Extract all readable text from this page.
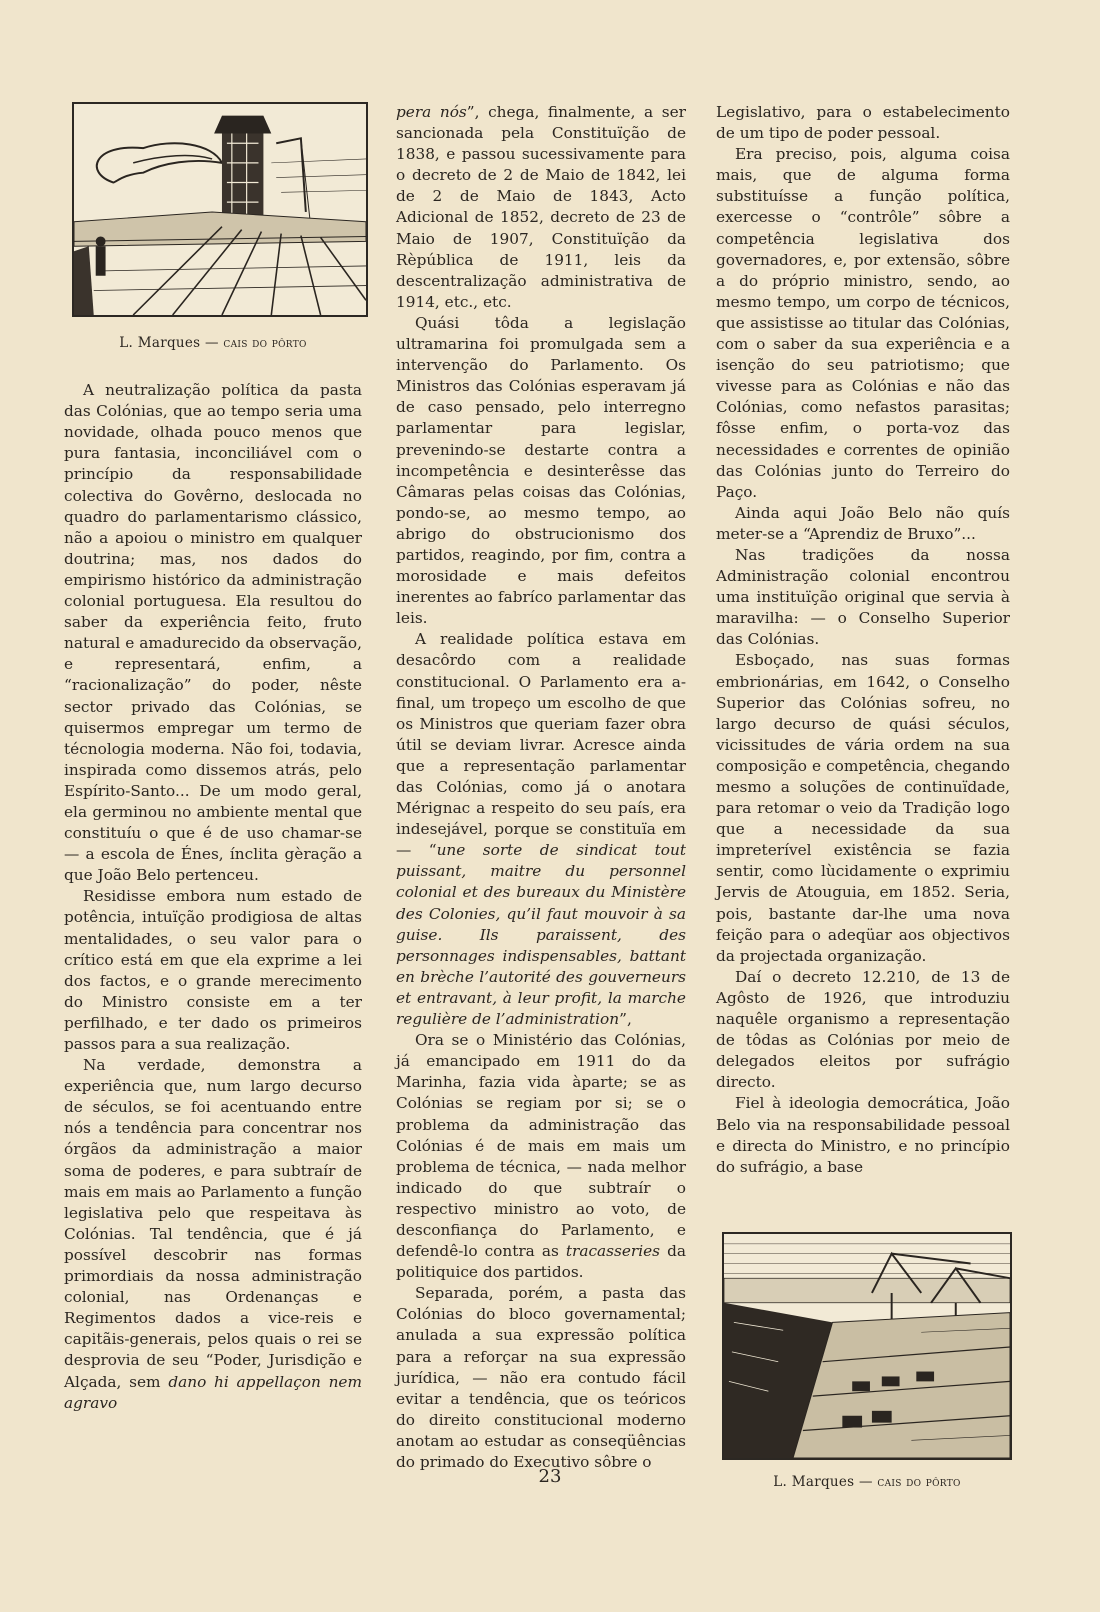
L. Marques — cais do pôrto

A neutralização política da pasta das Colónias, que ao tempo seria uma novidade, olhada pouco menos que pura fantasia, inconciliável com o princípio da responsabilidade colectiva do Govêrno, deslocada no quadro do parlamentarismo clássico, não a apoiou o ministro em qualquer doutrina; mas, nos dados do empirismo histórico da administração colonial portuguesa. Ela resultou do saber da experiência feito, fruto natural e amadurecido da observação, e representará, enfim, a “racionalização” do poder, nêste sector privado das Colónias, se quisermos empregar um termo de técnologia moderna. Não foi, todavia, inspirada como dissemos atrás, pelo Espírito-Santo... De um modo geral, ela germinou no ambiente mental que constituíu o que é de uso chamar-se — a escola de Énes, ínclita gèração a que João Belo pertenceu.

Residisse embora num estado de potência, intuïção prodigiosa de altas mentalidades, o seu valor para o crítico está em que ela exprime a lei dos factos, e o grande merecimento do Ministro consiste em a ter perfilhado, e ter dado os primeiros passos para a sua realização.

Na verdade, demonstra a experiência que, num largo decurso de séculos, se foi acentuando entre nós a tendência para concentrar nos órgãos da administração a maior soma de poderes, e para subtraír de mais em mais ao Parlamento a função legislativa pelo que respeitava às Colónias. Tal tendência, que é já possível descobrir nas formas primordiais da nossa administração colonial, nas Ordenanças e Regimentos dados a vice-reis e capitãis-generais, pelos quais o rei se desprovia de seu “Poder, Jurisdição e Alçada, sem dano hi appellaçon nem agravo

pera nós”, chega, finalmente, a ser sancionada pela Constituïção de 1838, e passou sucessivamente para o decreto de 2 de Maio de 1842, lei de 2 de Maio de 1843, Acto Adicional de 1852, decreto de 23 de Maio de 1907, Constituïção da Rèpública de 1911, leis da descentralização administrativa de 1914, etc., etc.

Quási tôda a legislação ultramarina foi promulgada sem a intervenção do Parlamento. Os Ministros das Colónias esperavam já de caso pensado, pelo interregno parlamentar para legislar, prevenindo-se destarte contra a incompetência e desinterêsse das Câmaras pelas coisas das Colónias, pondo-se, ao mesmo tempo, ao abrigo do obstrucionismo dos partidos, reagindo, por fim, contra a morosidade e mais defeitos inerentes ao fabríco parlamentar das leis.

A realidade política estava em desacôrdo com a realidade constitucional. O Parlamento era a-final, um tropeço um escolho de que os Ministros que queriam fazer obra útil se deviam livrar. Acresce ainda que a representação parlamentar das Colónias, como já o anotara Mérignac a respeito do seu país, era indesejável, porque se constituïa em — “une sorte de sindicat tout puissant, maitre du personnel colonial et des bureaux du Ministère des Colonies, qu’il faut mouvoir à sa guise. Ils paraissent, des personnages indispensables, battant en brèche l’autorité des gouverneurs et entravant, à leur profit, la marche regulière de l’administration”,

Ora se o Ministério das Colónias, já emancipado em 1911 do da Marinha, fazia vida àparte; se as Colónias se regiam por si; se o problema da administração das Colónias é de mais em mais um problema de técnica, — nada melhor indicado do que subtraír o respectivo ministro ao voto, de desconfiança do Parlamento, e defendê-lo contra as tracasseries da politiquice dos partidos.

Separada, porém, a pasta das Colónias do bloco governamental; anulada a sua expressão política para a reforçar na sua expressão jurídica, — não era contudo fácil evitar a tendência, que os teóricos do direito constitucional moderno anotam ao estudar as conseqüências do primado do Executivo sôbre o

Legislativo, para o estabelecimento de um tipo de poder pessoal.

Era preciso, pois, alguma coisa mais, que de alguma forma substituísse a função política, exercesse o “contrôle” sôbre a competência legislativa dos governadores, e, por extensão, sôbre a do próprio ministro, sendo, ao mesmo tempo, um corpo de técnicos, que assistisse ao titular das Colónias, com o saber da sua experiência e a isenção do seu patriotismo; que vivesse para as Colónias e não das Colónias, como nefastos parasitas; fôsse enfim, o porta-voz das necessidades e correntes de opinião das Colónias junto do Terreiro do Paço.

Ainda aqui João Belo não quís meter-se a “Aprendiz de Bruxo”...

Nas tradições da nossa Administração colonial encontrou uma instituïção original que servia à maravilha: — o Conselho Superior das Colónias.

Esboçado, nas suas formas embrionárias, em 1642, o Conselho Superior das Colónias sofreu, no largo decurso de quási séculos, vicissitudes de vária ordem na sua composição e competência, chegando mesmo a soluções de continuïdade, para retomar o veio da Tradição logo que a necessidade da sua impreterível existência se fazia sentir, como lùcidamente o exprimiu Jervis de Atouguia, em 1852. Seria, pois, bastante dar-lhe uma nova feição para o adeqüar aos objectivos da projectada organização.

Daí o decreto 12.210, de 13 de Agôsto de 1926, que introduziu naquêle organismo a representação de tôdas as Colónias por meio de delegados eleitos por sufrágio directo.

Fiel à ideologia democrática, João Belo via na responsabilidade pessoal e directa do Ministro, e no princípio do sufrágio, a base

L. Marques — cais do pôrto
23
